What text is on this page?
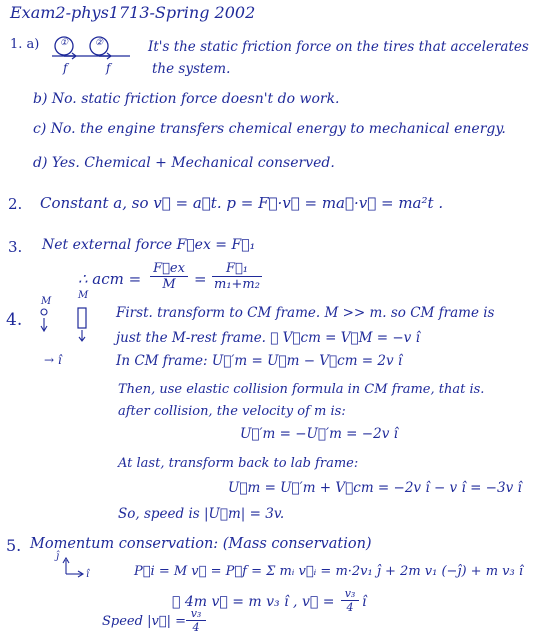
Exam2-phys1713-Spring 2002
1. a) ①	②
f	f
It's the static friction force on the tires that accelerates
the system.
b) No. static friction force doesn't do work.
c) No. the engine transfers chemical energy to mechanical energy.
d) Yes. Chemical + Mechanical conserved.
2. Constant a, so v⃗ = a⃗t. p = F⃗·v⃗ = ma⃗·v⃗ = ma²t .
3. Net external force F⃗ex = F⃗₁
∴ acm =
F⃗ex
M	=
F⃗₁
m₁+m₂
4.
M
M
→ î
First. transform to CM frame. M >> m. so CM frame is
just the M-rest frame. ∴ V⃗cm = V⃗M = −v î
In CM frame: U⃗′m = U⃗m − V⃗cm = 2v î
Then, use elastic collision formula in CM frame, that is.
after collision, the velocity of m is:
U⃗′m = −U⃗′m = −2v î
At last, transform back to lab frame:
U⃗m = U⃗′m + V⃗cm = −2v î − v î = −3v î
So, speed is |U⃗m| = 3v.
5. Momentum conservation: (Mass conservation)
ĵ
î	P⃗i = M v⃗ = P⃗f = Σ mᵢ v⃗ᵢ = m·2v₁ ĵ + 2m v₁ (−ĵ) + m v₃ î
∴ 4m v⃗ = m v₃ î , v⃗ =
v₃
4 î
Speed |v⃗| =
v₃
4
